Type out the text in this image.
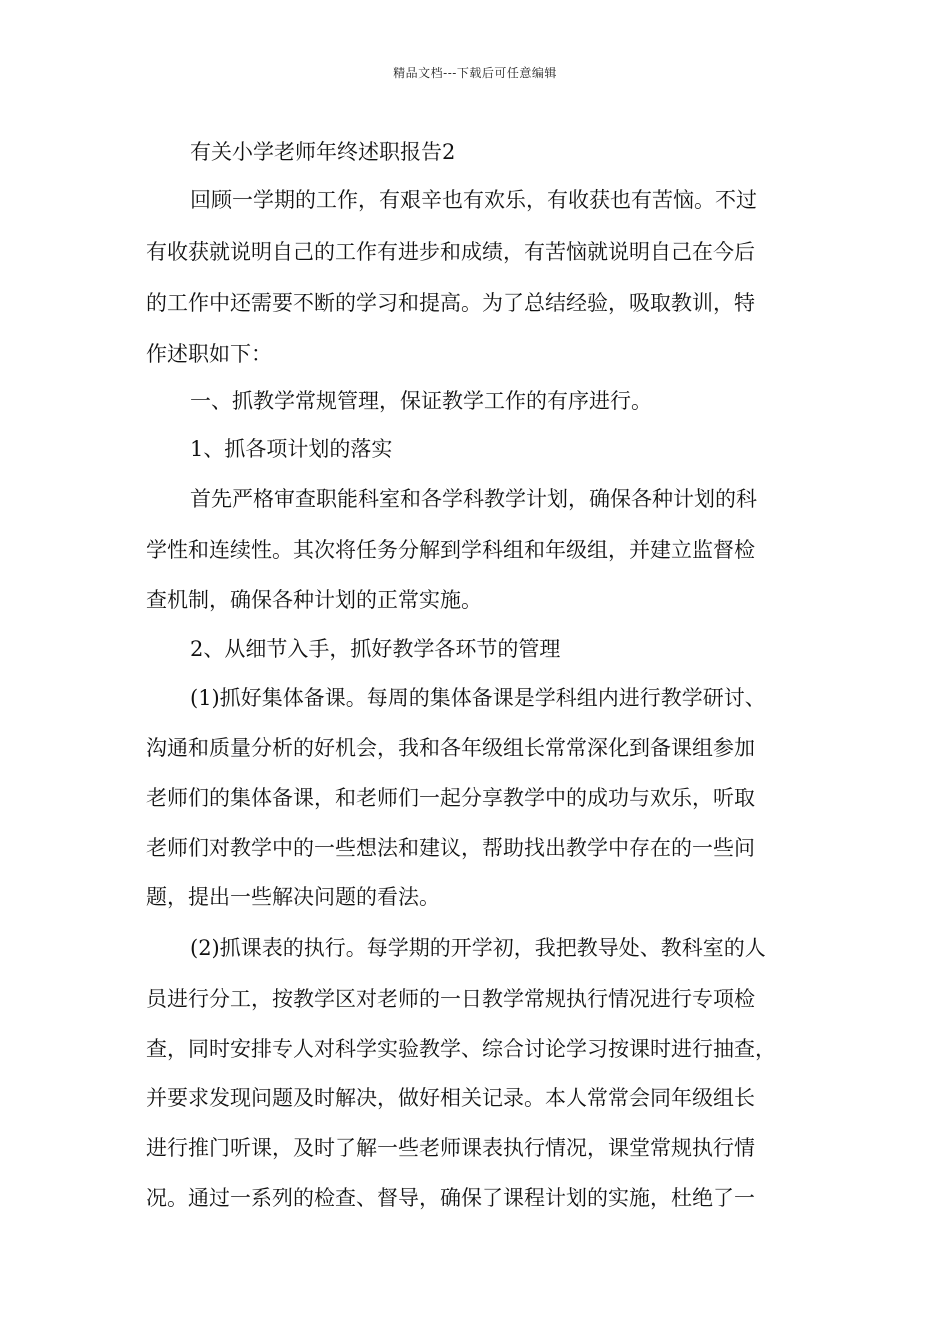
精品文档---下载后可任意编辑
有关小学老师年终述职报告2
回顾一学期的工作，有艰辛也有欢乐，有收获也有苦恼。不过
有收获就说明自己的工作有进步和成绩，有苦恼就说明自己在今后
的工作中还需要不断的学习和提高。为了总结经验，吸取教训，特
作述职如下：
一、抓教学常规管理，保证教学工作的有序进行。
1、抓各项计划的落实
首先严格审查职能科室和各学科教学计划，确保各种计划的科
学性和连续性。其次将任务分解到学科组和年级组，并建立监督检
查机制，确保各种计划的正常实施。
2、从细节入手，抓好教学各环节的管理
(1)抓好集体备课。每周的集体备课是学科组内进行教学研讨、
沟通和质量分析的好机会，我和各年级组长常常深化到备课组参加
老师们的集体备课，和老师们一起分享教学中的成功与欢乐，听取
老师们对教学中的一些想法和建议，帮助找出教学中存在的一些问
题，提出一些解决问题的看法。
(2)抓课表的执行。每学期的开学初，我把教导处、教科室的人
员进行分工，按教学区对老师的一日教学常规执行情况进行专项检
查，同时安排专人对科学实验教学、综合讨论学习按课时进行抽查，
并要求发现问题及时解决，做好相关记录。本人常常会同年级组长
进行推门听课，及时了解一些老师课表执行情况，课堂常规执行情
况。通过一系列的检查、督导，确保了课程计划的实施，杜绝了一
